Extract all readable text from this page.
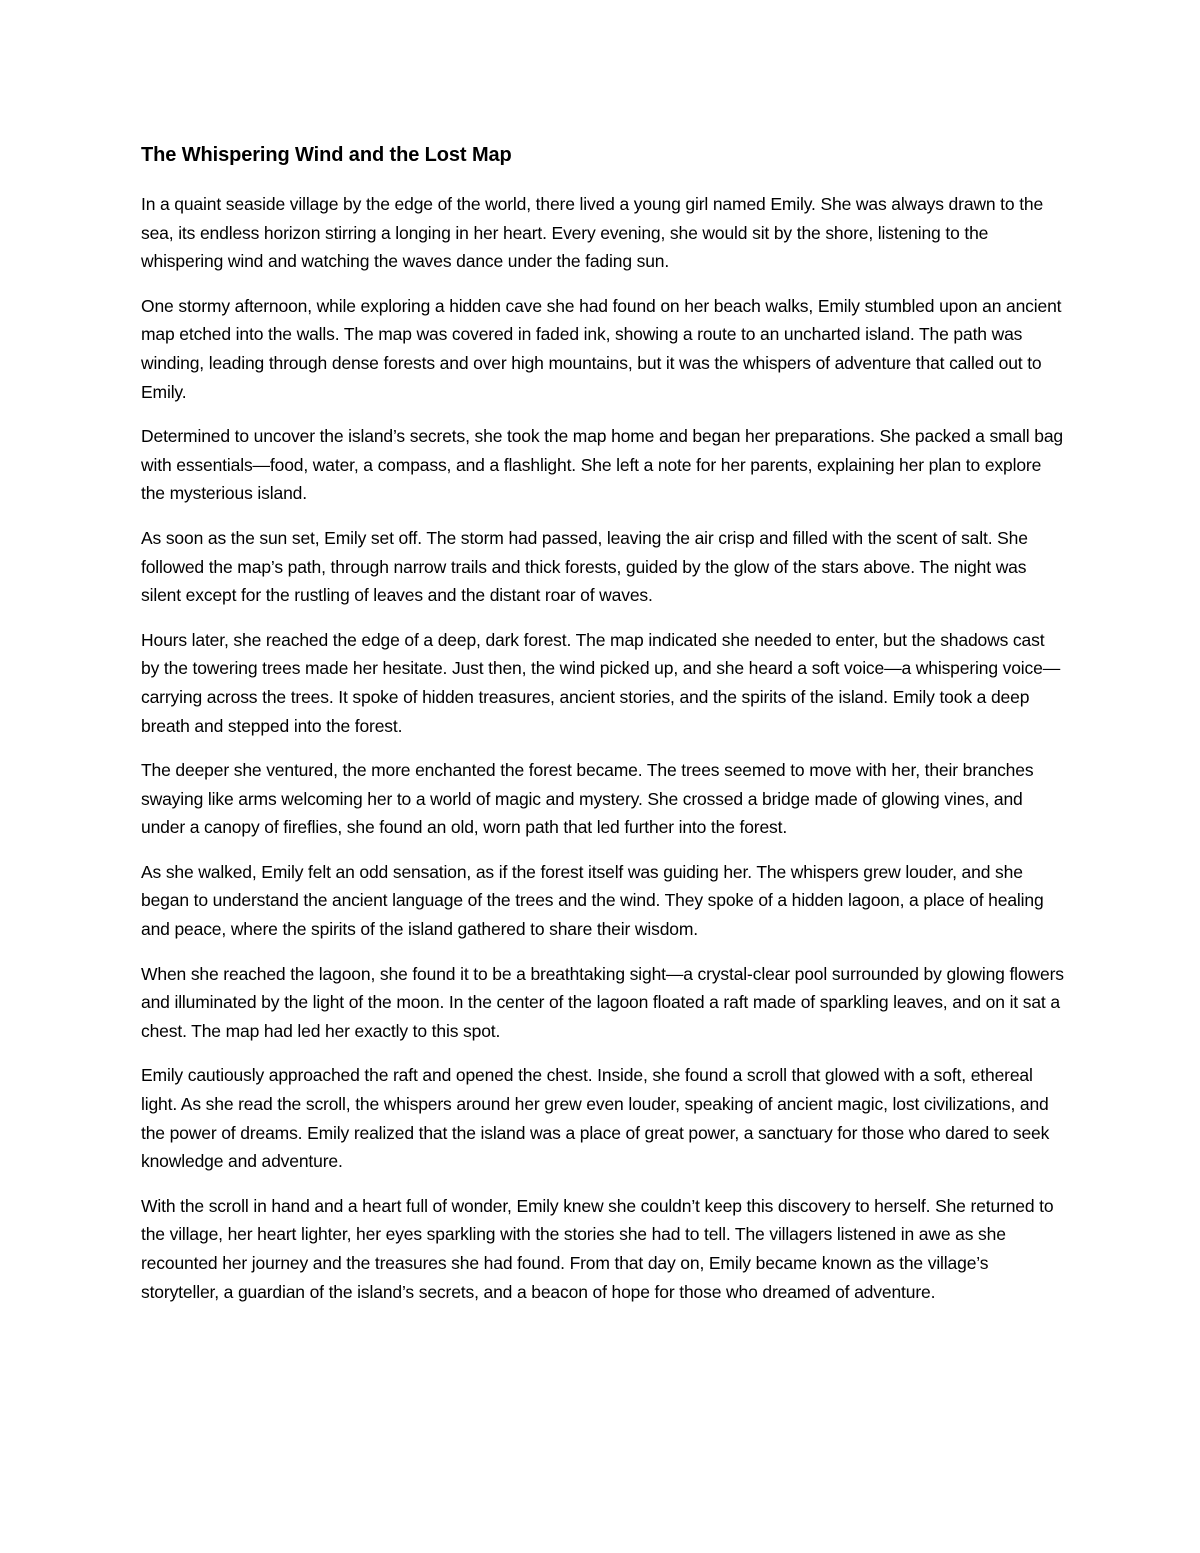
The Whispering Wind and the Lost Map

In a quaint seaside village by the edge of the world, there lived a young girl named Emily. She was always drawn to the sea, its endless horizon stirring a longing in her heart. Every evening, she would sit by the shore, listening to the whispering wind and watching the waves dance under the fading sun.

One stormy afternoon, while exploring a hidden cave she had found on her beach walks, Emily stumbled upon an ancient map etched into the walls. The map was covered in faded ink, showing a route to an uncharted island. The path was winding, leading through dense forests and over high mountains, but it was the whispers of adventure that called out to Emily.

Determined to uncover the island’s secrets, she took the map home and began her preparations. She packed a small bag with essentials—food, water, a compass, and a flashlight. She left a note for her parents, explaining her plan to explore the mysterious island.

As soon as the sun set, Emily set off. The storm had passed, leaving the air crisp and filled with the scent of salt. She followed the map’s path, through narrow trails and thick forests, guided by the glow of the stars above. The night was silent except for the rustling of leaves and the distant roar of waves.

Hours later, she reached the edge of a deep, dark forest. The map indicated she needed to enter, but the shadows cast by the towering trees made her hesitate. Just then, the wind picked up, and she heard a soft voice—a whispering voice—carrying across the trees. It spoke of hidden treasures, ancient stories, and the spirits of the island. Emily took a deep breath and stepped into the forest.

The deeper she ventured, the more enchanted the forest became. The trees seemed to move with her, their branches swaying like arms welcoming her to a world of magic and mystery. She crossed a bridge made of glowing vines, and under a canopy of fireflies, she found an old, worn path that led further into the forest.

As she walked, Emily felt an odd sensation, as if the forest itself was guiding her. The whispers grew louder, and she began to understand the ancient language of the trees and the wind. They spoke of a hidden lagoon, a place of healing and peace, where the spirits of the island gathered to share their wisdom.

When she reached the lagoon, she found it to be a breathtaking sight—a crystal-clear pool surrounded by glowing flowers and illuminated by the light of the moon. In the center of the lagoon floated a raft made of sparkling leaves, and on it sat a chest. The map had led her exactly to this spot.

Emily cautiously approached the raft and opened the chest. Inside, she found a scroll that glowed with a soft, ethereal light. As she read the scroll, the whispers around her grew even louder, speaking of ancient magic, lost civilizations, and the power of dreams. Emily realized that the island was a place of great power, a sanctuary for those who dared to seek knowledge and adventure.

With the scroll in hand and a heart full of wonder, Emily knew she couldn’t keep this discovery to herself. She returned to the village, her heart lighter, her eyes sparkling with the stories she had to tell. The villagers listened in awe as she recounted her journey and the treasures she had found. From that day on, Emily became known as the village’s storyteller, a guardian of the island’s secrets, and a beacon of hope for those who dreamed of adventure.
